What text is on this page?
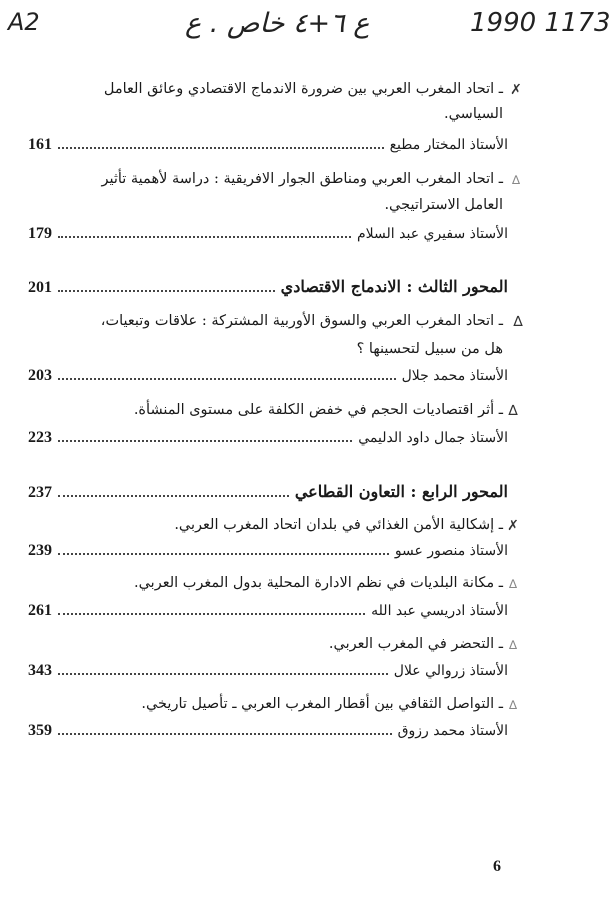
A2	ع ٦+٤ خاص . ع	1990 1173
✗
ـ اتحاد المغرب العربي بين ضرورة الاندماج الاقتصادي وعائق العامل
السياسي.
161	الأستاذ المختار مطيع
∆
ـ اتحاد المغرب العربي ومناطق الجوار الافريقية : دراسة لأهمية تأثير
العامل الاستراتيجي.
179	الأستاذ سفيري عبد السلام
201	المحور الثالث : الاندماج الاقتصادي
∆
ـ اتحاد المغرب العربي والسوق الأوربية المشتركة : علاقات وتبعيات،
هل من سبيل لتحسينها ؟
203	الأستاذ محمد جلال
∆
ـ أثر اقتصاديات الحجم في خفض الكلفة على مستوى المنشأة.
223	الأستاذ جمال داود الدليمي
237	المحور الرابع : التعاون القطاعي
✗
ـ إشكالية الأمن الغذائي في بلدان اتحاد المغرب العربي.
239	الأستاذ منصور عسو
∆
ـ مكانة البلديات في نظم الادارة المحلية بدول المغرب العربي.
261	الأستاذ ادريسي عبد الله
∆
ـ التحضر في المغرب العربي.
343	الأستاذ زروالي علال
∆
ـ التواصل الثقافي بين أقطار المغرب العربي ـ تأصيل تاريخي.
359	الأستاذ محمد رزوق
6
